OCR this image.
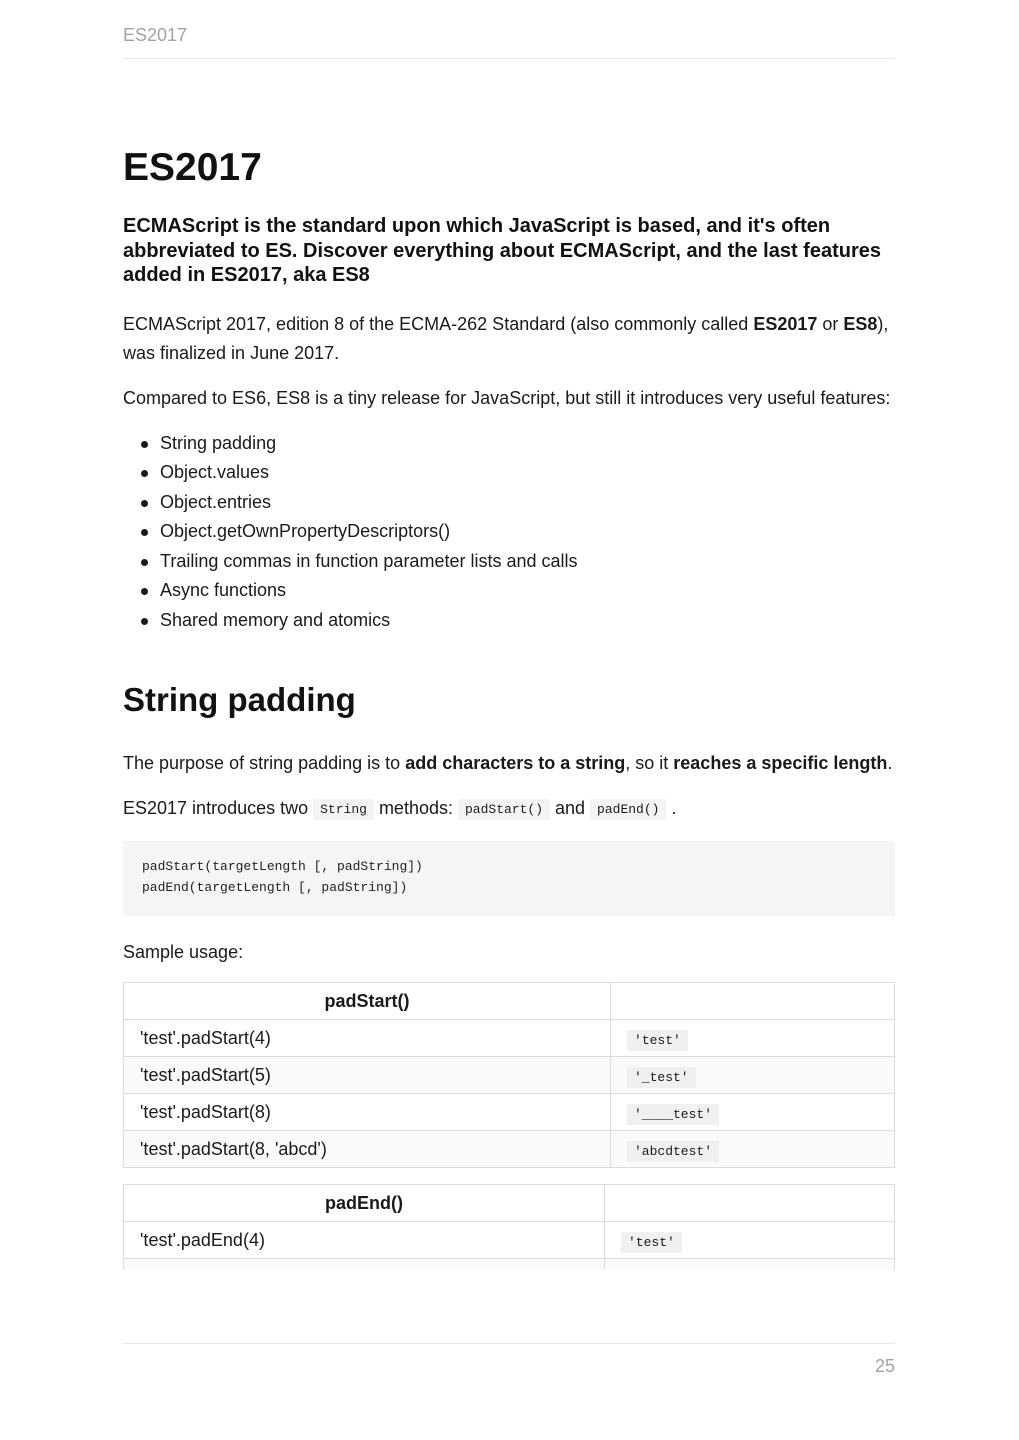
ES2017
ES2017
ECMAScript is the standard upon which JavaScript is based, and it's often abbreviated to ES. Discover everything about ECMAScript, and the last features added in ES2017, aka ES8

ECMAScript 2017, edition 8 of the ECMA-262 Standard (also commonly called ES2017 or ES8), was finalized in June 2017.

Compared to ES6, ES8 is a tiny release for JavaScript, but still it introduces very useful features:

String padding
Object.values
Object.entries
Object.getOwnPropertyDescriptors()
Trailing commas in function parameter lists and calls
Async functions
Shared memory and atomics
String padding

The purpose of string padding is to add characters to a string, so it reaches a specific length.

ES2017 introduces two String methods: padStart() and padEnd() .

padStart(targetLength [, padString])
padEnd(targetLength [, padString])

Sample usage:

padStart()	
'test'.padStart(4)	'test'
'test'.padStart(5)	'_test'
'test'.padStart(8)	'____test'
'test'.padStart(8, 'abcd')	'abcdtest'
padEnd()	
'test'.padEnd(4)	'test'

25
